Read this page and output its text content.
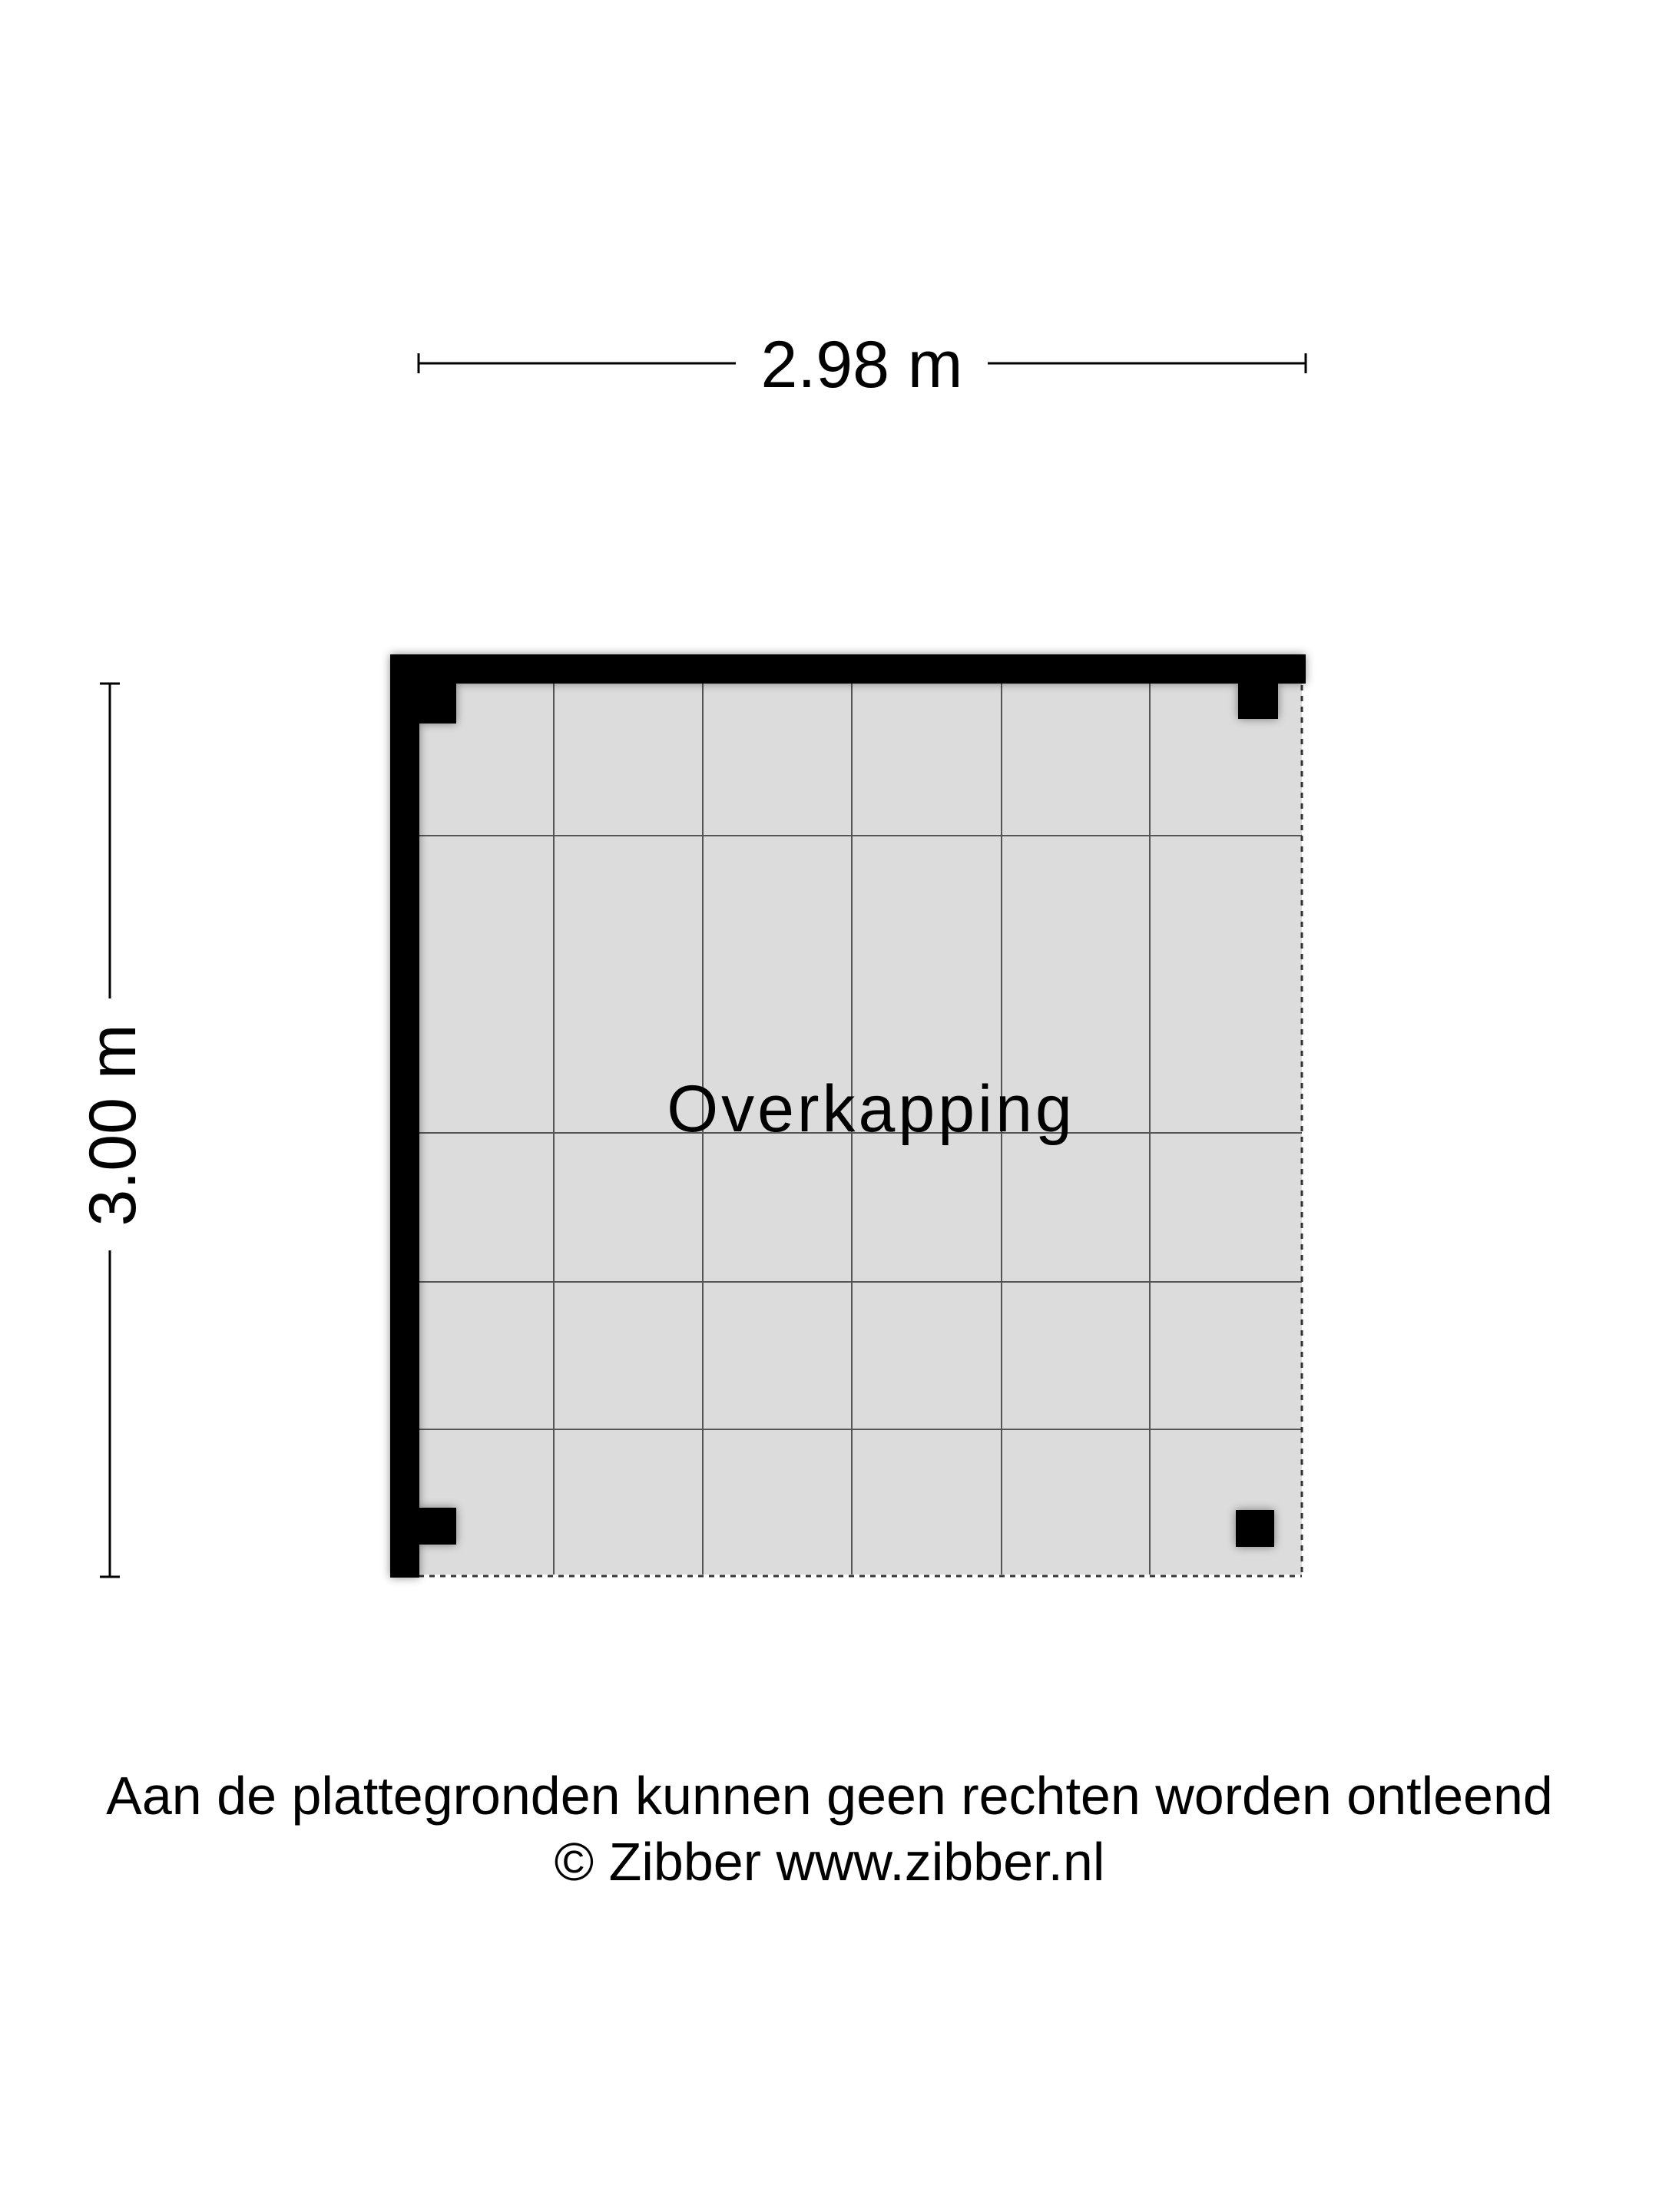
Overkapping
2.98 m
3.00 m
Aan de plattegronden kunnen geen rechten worden ontleend
© Zibber www.zibber.nl
